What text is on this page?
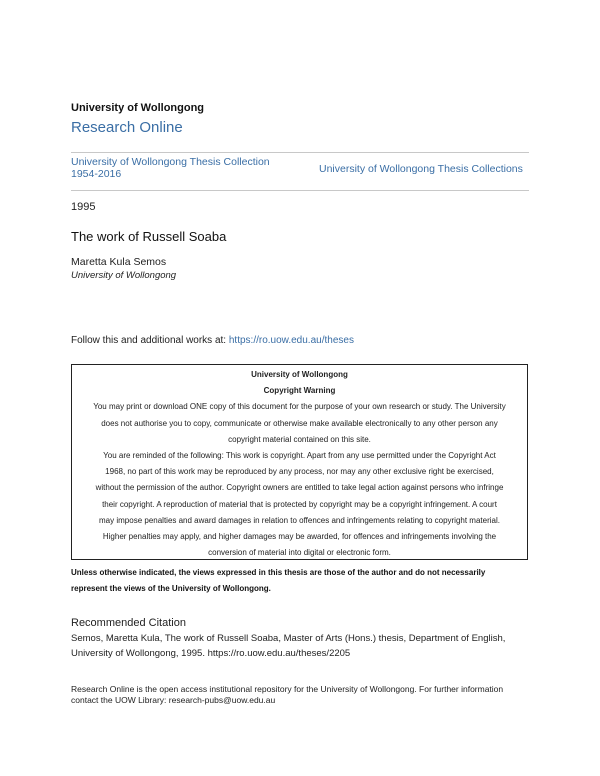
University of Wollongong
Research Online
University of Wollongong Thesis Collection 1954-2016	University of Wollongong Thesis Collections
1995
The work of Russell Soaba
Maretta Kula Semos
University of Wollongong
Follow this and additional works at: https://ro.uow.edu.au/theses
University of Wollongong
Copyright Warning
You may print or download ONE copy of this document for the purpose of your own research or study. The University
does not authorise you to copy, communicate or otherwise make available electronically to any other person any
copyright material contained on this site.
You are reminded of the following: This work is copyright. Apart from any use permitted under the Copyright Act
1968, no part of this work may be reproduced by any process, nor may any other exclusive right be exercised,
without the permission of the author. Copyright owners are entitled to take legal action against persons who infringe
their copyright. A reproduction of material that is protected by copyright may be a copyright infringement. A court
may impose penalties and award damages in relation to offences and infringements relating to copyright material.
Higher penalties may apply, and higher damages may be awarded, for offences and infringements involving the
conversion of material into digital or electronic form.
Unless otherwise indicated, the views expressed in this thesis are those of the author and do not necessarily
represent the views of the University of Wollongong.
Recommended Citation
Semos, Maretta Kula, The work of Russell Soaba, Master of Arts (Hons.) thesis, Department of English,
University of Wollongong, 1995. https://ro.uow.edu.au/theses/2205
Research Online is the open access institutional repository for the University of Wollongong. For further information
contact the UOW Library: research-pubs@uow.edu.au
